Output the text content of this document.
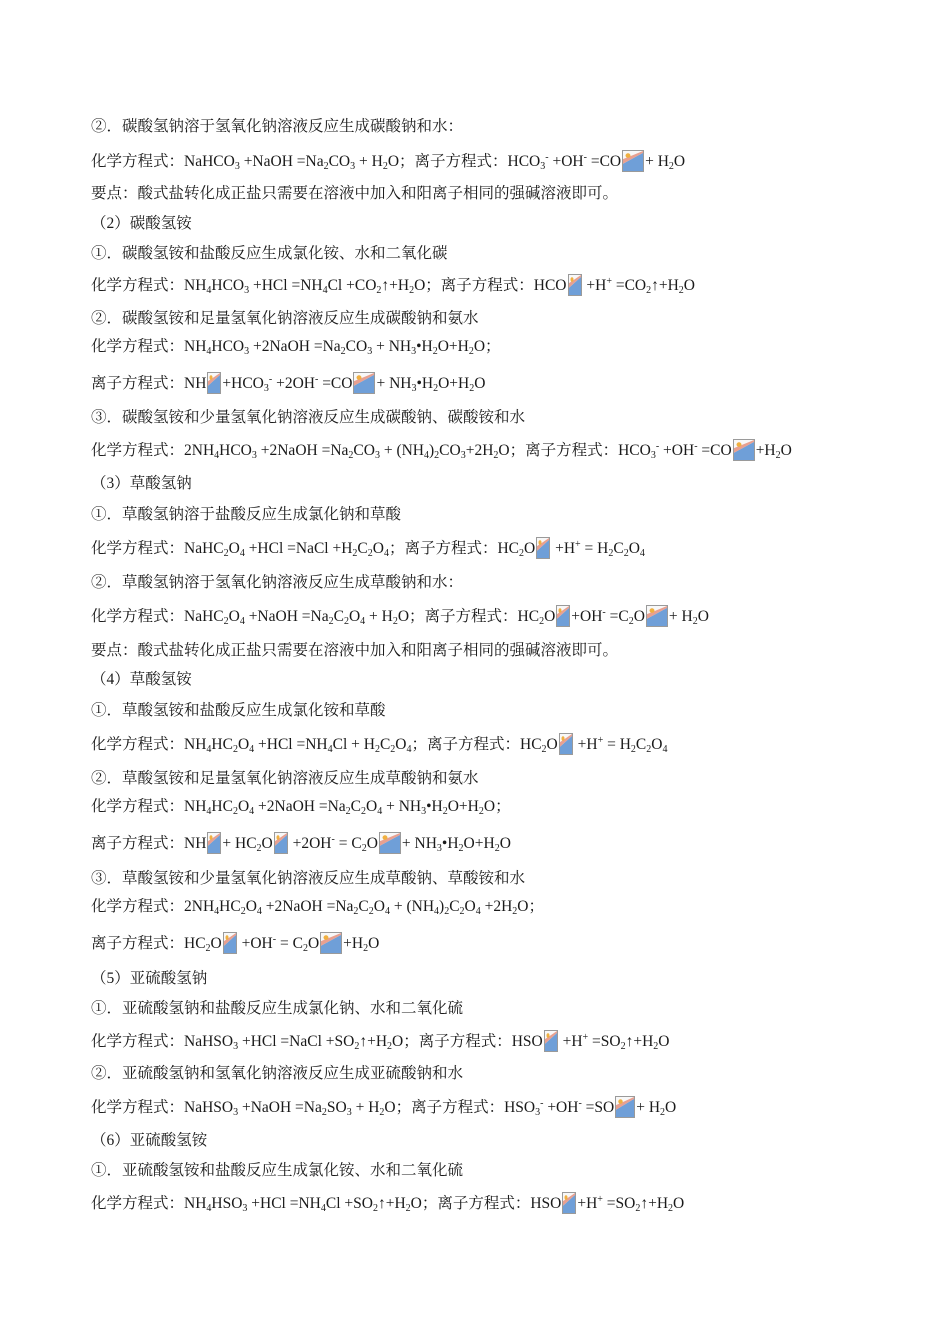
②．碳酸氢钠溶于氢氧化钠溶液反应生成碳酸钠和水：
化学方程式：NaHCO$_3$ +NaOH $=Na_2CO_3 + H_2O$；离子方程式：$HCO_3^- +OH^- =CO + H_2O$
要点：酸式盐转化成正盐只需要在溶液中加入和阳离子相同的强碱溶液即可。
（2）碳酸氢铵
①．碳酸氢铵和盐酸反应生成氯化铵、水和二氧化碳
化学方程式：$NH_4HCO_3 +HCl =NH_4Cl$ $+CO_2↑+H_2O$；离子方程式：HCO
$+H^+ =CO_2↑+H_2O$
②．碳酸氢铵和足量氢氧化钠溶液反应生成碳酸钠和氨水
化学方程式：$NH_4HCO_3$ +2NaOH $=Na_2CO_3$ + $NH_3•H_2O+H_2O$；
离子方程式：NH $+HCO_3^- +2OH^- =CO$ + $NH_3•H_2O+H_2O$
③．碳酸氢铵和少量氢氧化钠溶液反应生成碳酸钠、碳酸铵和水
化学方程式：$2NH_4HCO_3$ +2NaOH $=Na_2CO_3 + (NH_4)_2CO_3+2H_2O$；离子方程式：$HCO_3^- +OH^- =CO +H_2O$
（3）草酸氢钠
①．草酸氢钠溶于盐酸反应生成氯化钠和草酸
化学方程式：$NaHC_2O_4 +HCl$ =NaCl $+H_2C_2O_4$；离子方程式：$HC_2O$
$+H^+ = H_2C_2O_4$
②．草酸氢钠溶于氢氧化钠溶液反应生成草酸钠和水：
化学方程式：$NaHC_2O_4$ +NaOH $=Na_2C_2O_4 + H_2O$；离子方程式：$HC_2O +OH^- =C_2O + H_2O$
要点：酸式盐转化成正盐只需要在溶液中加入和阳离子相同的强碱溶液即可。
（4）草酸氢铵
①．草酸氢铵和盐酸反应生成氯化铵和草酸
化学方程式：$NH_4HC_2O_4 +HCl =NH_4Cl + H_2C_2O_4$；离子方程式：$HC_2O$
$+H^+ = H_2C_2O_4$
②．草酸氢铵和足量氢氧化钠溶液反应生成草酸钠和氨水
化学方程式：$NH_4HC_2O_4$ +2NaOH $=Na_2C_2O_4$ + $NH_3•H_2O+H_2O$；
离子方程式：NH + $HC_2O$
$+2OH^- = C_2O$ + $NH_3•H_2O+H_2O$
③．草酸氢铵和少量氢氧化钠溶液反应生成草酸钠、草酸铵和水
化学方程式：$2NH_4HC_2O_4$ +2NaOH $=Na_2C_2O_4 + (NH_4)_2C_2O_4 +2H_2O$；
离子方程式：$HC_2O$
$+OH^- = C_2O +H_2O$
（5）亚硫酸氢钠
①．亚硫酸氢钠和盐酸反应生成氯化钠、水和二氧化硫
化学方程式：NaHSO$_3$ +HCl =NaCl $+SO_2↑+H_2O$；离子方程式：HSO
$+H^+ =SO_2↑+H_2O$
②．亚硫酸氢钠和氢氧化钠溶液反应生成亚硫酸钠和水
化学方程式：NaHSO$_3$ +NaOH $=Na_2SO_3 + H_2O$；离子方程式：$HSO_3^- +OH^- =SO + H_2O$
（6）亚硫酸氢铵
①．亚硫酸氢铵和盐酸反应生成氯化铵、水和二氧化硫
化学方程式：$NH_4HSO_3 +HCl =NH_4Cl$ $+SO_2↑+H_2O$；离子方程式：HSO $+H^+ =SO_2↑+H_2O$
